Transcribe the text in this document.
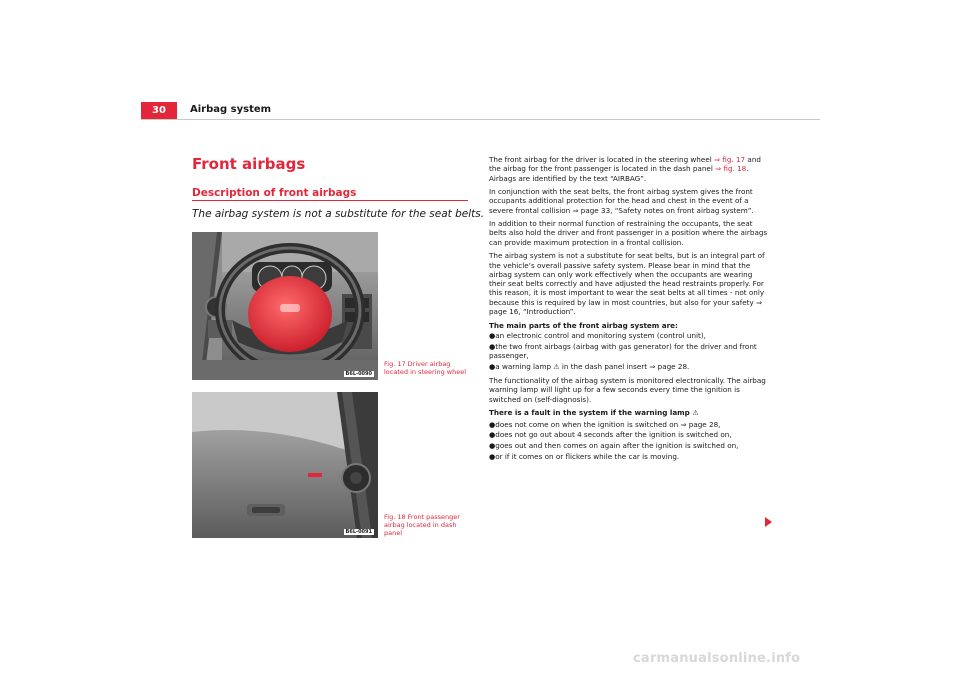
30	Airbag system
Front airbags
Description of front airbags
The airbag system is not a substitute for the seat belts.
B6L-0090
Fig. 17 Driver airbag located in steering wheel
B6L-0091
Fig. 18 Front passenger airbag located in dash panel

The front airbag for the driver is located in the steering wheel ⇒ fig. 17 and the airbag for the front passenger is located in the dash panel ⇒ fig. 18. Airbags are identified by the text “AIRBAG”.

In conjunction with the seat belts, the front airbag system gives the front occupants additional protection for the head and chest in the event of a severe frontal collision ⇒ page 33, “Safety notes on front airbag system”.

In addition to their normal function of restraining the occupants, the seat belts also hold the driver and front passenger in a position where the airbags can provide maximum protection in a frontal collision.

The airbag system is not a substitute for seat belts, but is an integral part of the vehicle’s overall passive safety system. Please bear in mind that the airbag system can only work effectively when the occupants are wearing their seat belts correctly and have adjusted the head restraints properly. For this reason, it is most important to wear the seat belts at all times - not only because this is required by law in most countries, but also for your safety ⇒ page 16, “Introduction”.

The main parts of the front airbag system are:

●an electronic control and monitoring system (control unit),
●the two front airbags (airbag with gas generator) for the driver and front passenger,
●a warning lamp ⚠ in the dash panel insert ⇒ page 28.

The functionality of the airbag system is monitored electronically. The airbag warning lamp will light up for a few seconds every time the ignition is switched on (self-diagnosis).

There is a fault in the system if the warning lamp ⚠

●does not come on when the ignition is switched on ⇒ page 28,
●does not go out about 4 seconds after the ignition is switched on,
●goes out and then comes on again after the ignition is switched on,
●or if it comes on or flickers while the car is moving.
carmanualsonline.info
